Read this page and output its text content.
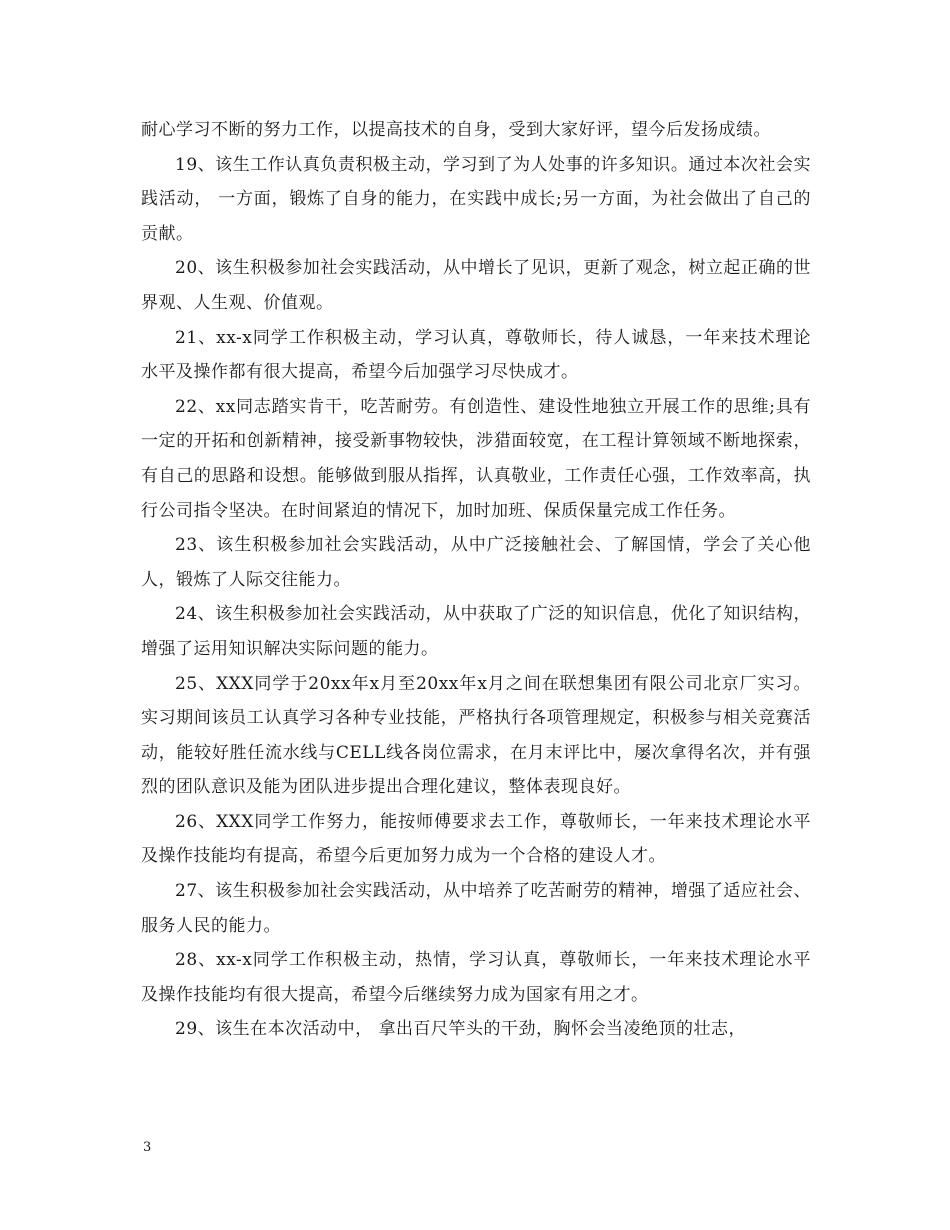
耐心学习不断的努力工作，以提高技术的自身，受到大家好评，望今后发扬成绩。

19、该生工作认真负责积极主动，学习到了为人处事的许多知识。通过本次社会实践活动， 一方面，锻炼了自身的能力，在实践中成长;另一方面，为社会做出了自己的贡献。

20、该生积极参加社会实践活动，从中增长了见识，更新了观念，树立起正确的世界观、人生观、价值观。

21、xx-x同学工作积极主动，学习认真，尊敬师长，待人诚恳，一年来技术理论水平及操作都有很大提高，希望今后加强学习尽快成才。

22、xx同志踏实肯干，吃苦耐劳。有创造性、建设性地独立开展工作的思维;具有一定的开拓和创新精神，接受新事物较快，涉猎面较宽，在工程计算领域不断地探索，有自己的思路和设想。能够做到服从指挥，认真敬业，工作责任心强，工作效率高，执行公司指令坚决。在时间紧迫的情况下，加时加班、保质保量完成工作任务。

23、该生积极参加社会实践活动，从中广泛接触社会、了解国情，学会了关心他人，锻炼了人际交往能力。

24、该生积极参加社会实践活动，从中获取了广泛的知识信息，优化了知识结构，增强了运用知识解决实际问题的能力。

25、XXX同学于20xx年x月至20xx年x月之间在联想集团有限公司北京厂实习。实习期间该员工认真学习各种专业技能，严格执行各项管理规定，积极参与相关竞赛活动，能较好胜任流水线与CELL线各岗位需求，在月末评比中，屡次拿得名次，并有强烈的团队意识及能为团队进步提出合理化建议，整体表现良好。

26、XXX同学工作努力，能按师傅要求去工作，尊敬师长，一年来技术理论水平及操作技能均有提高，希望今后更加努力成为一个合格的建设人才。

27、该生积极参加社会实践活动，从中培养了吃苦耐劳的精神，增强了适应社会、服务人民的能力。

28、xx-x同学工作积极主动，热情，学习认真，尊敬师长，一年来技术理论水平及操作技能均有很大提高，希望今后继续努力成为国家有用之才。

29、该生在本次活动中， 拿出百尺竿头的干劲，胸怀会当凌绝顶的壮志，

3
